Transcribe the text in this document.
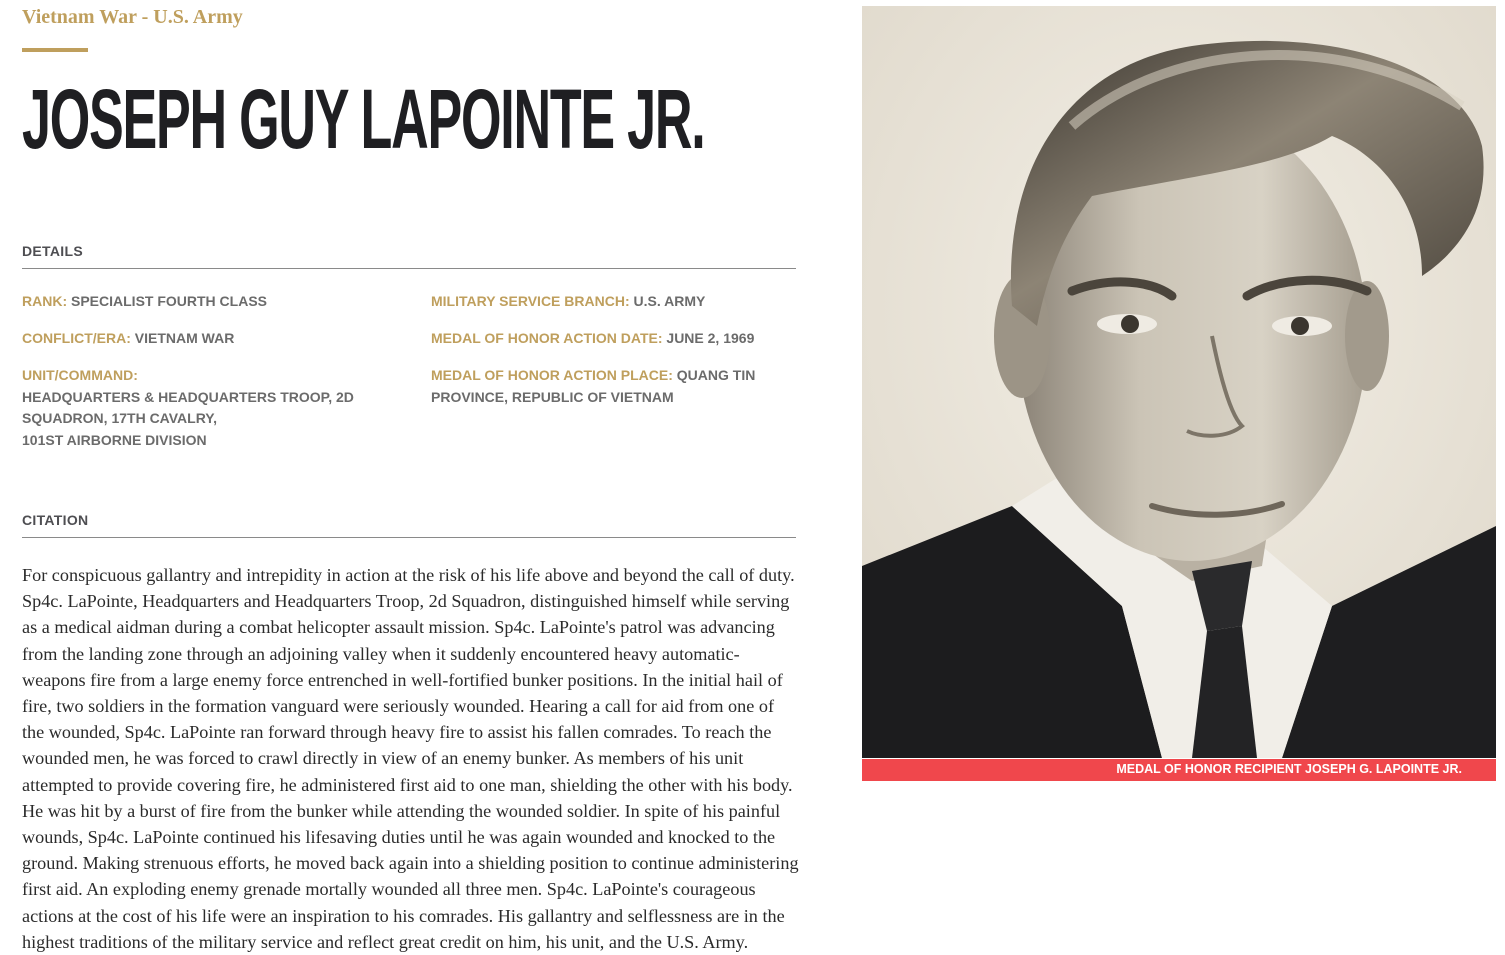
Vietnam War - U.S. Army
JOSEPH GUY LAPOINTE JR.
DETAILS
RANK: SPECIALIST FOURTH CLASS	MILITARY SERVICE BRANCH: U.S. ARMY
CONFLICT/ERA: VIETNAM WAR	MEDAL OF HONOR ACTION DATE: JUNE 2, 1969
UNIT/COMMAND:
HEADQUARTERS & HEADQUARTERS TROOP, 2D
SQUADRON, 17TH CAVALRY,
101ST AIRBORNE DIVISION
MEDAL OF HONOR ACTION PLACE: QUANG TIN PROVINCE, REPUBLIC OF VIETNAM
CITATION

For conspicuous gallantry and intrepidity in action at the risk of his life above and beyond the call of duty. Sp4c. LaPointe, Headquarters and Headquarters Troop, 2d Squadron, distinguished himself while serving as a medical aidman during a combat helicopter assault mission. Sp4c. LaPointe's patrol was advancing from the landing zone through an adjoining valley when it suddenly encountered heavy automatic-weapons fire from a large enemy force entrenched in well-fortified bunker positions. In the initial hail of fire, two soldiers in the formation vanguard were seriously wounded. Hearing a call for aid from one of the wounded, Sp4c. LaPointe ran forward through heavy fire to assist his fallen comrades. To reach the wounded men, he was forced to crawl directly in view of an enemy bunker. As members of his unit attempted to provide covering fire, he administered first aid to one man, shielding the other with his body. He was hit by a burst of fire from the bunker while attending the wounded soldier. In spite of his painful wounds, Sp4c. LaPointe continued his lifesaving duties until he was again wounded and knocked to the ground. Making strenuous efforts, he moved back again into a shielding position to continue administering first aid. An exploding enemy grenade mortally wounded all three men. Sp4c. LaPointe's courageous actions at the cost of his life were an inspiration to his comrades. His gallantry and selflessness are in the highest traditions of the military service and reflect great credit on him, his unit, and the U.S. Army.

MEDAL OF HONOR RECIPIENT JOSEPH G. LAPOINTE JR.
